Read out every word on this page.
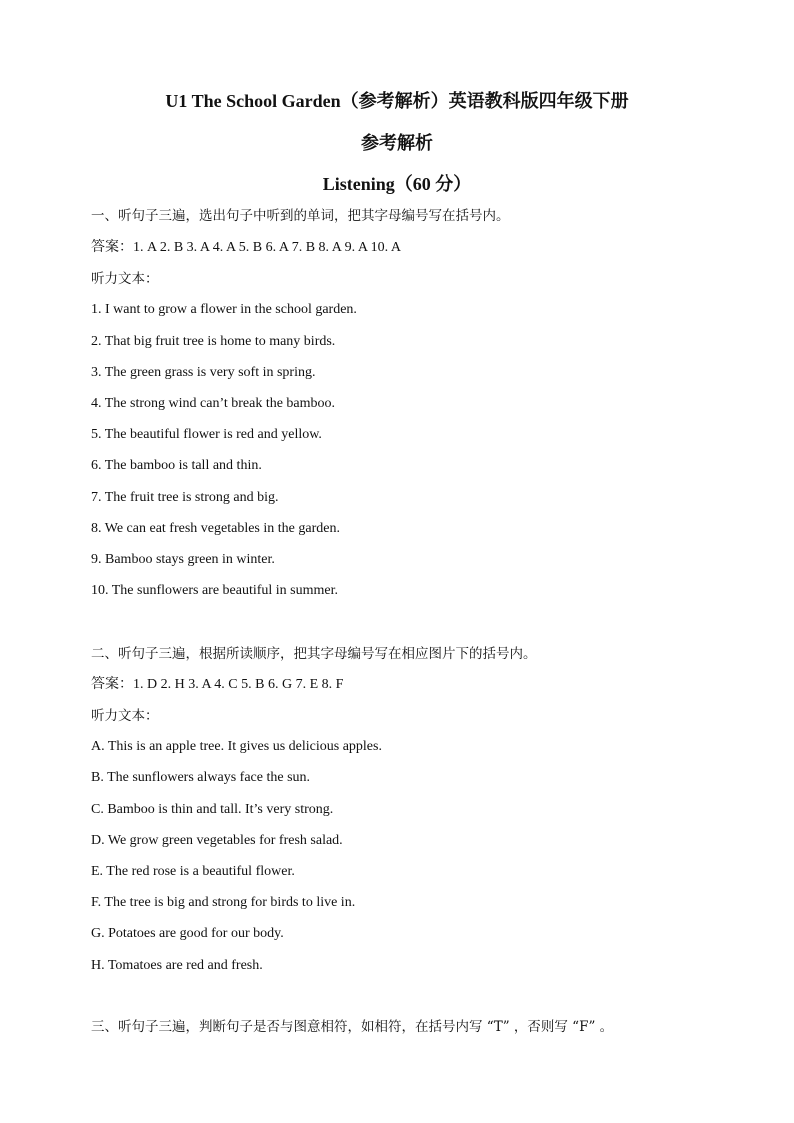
U1 The School Garden（参考解析）英语教科版四年级下册
参考解析
Listening（60 分）
一、听句子三遍，选出句子中听到的单词，把其字母编号写在括号内。
答案：1. A 2. B 3. A 4. A 5. B 6. A 7. B 8. A 9. A 10. A
听力文本：
1. I want to grow a flower in the school garden.
2. That big fruit tree is home to many birds.
3. The green grass is very soft in spring.
4. The strong wind can’t break the bamboo.
5. The beautiful flower is red and yellow.
6. The bamboo is tall and thin.
7. The fruit tree is strong and big.
8. We can eat fresh vegetables in the garden.
9. Bamboo stays green in winter.
10. The sunflowers are beautiful in summer.
二、听句子三遍，根据所读顺序，把其字母编号写在相应图片下的括号内。
答案：1. D 2. H 3. A 4. C 5. B 6. G 7. E 8. F
听力文本：
A. This is an apple tree. It gives us delicious apples.
B. The sunflowers always face the sun.
C. Bamboo is thin and tall. It’s very strong.
D. We grow green vegetables for fresh salad.
E. The red rose is a beautiful flower.
F. The tree is big and strong for birds to live in.
G. Potatoes are good for our body.
H. Tomatoes are red and fresh.
三、听句子三遍，判断句子是否与图意相符，如相符，在括号内写 “T” ，否则写 “F” 。
